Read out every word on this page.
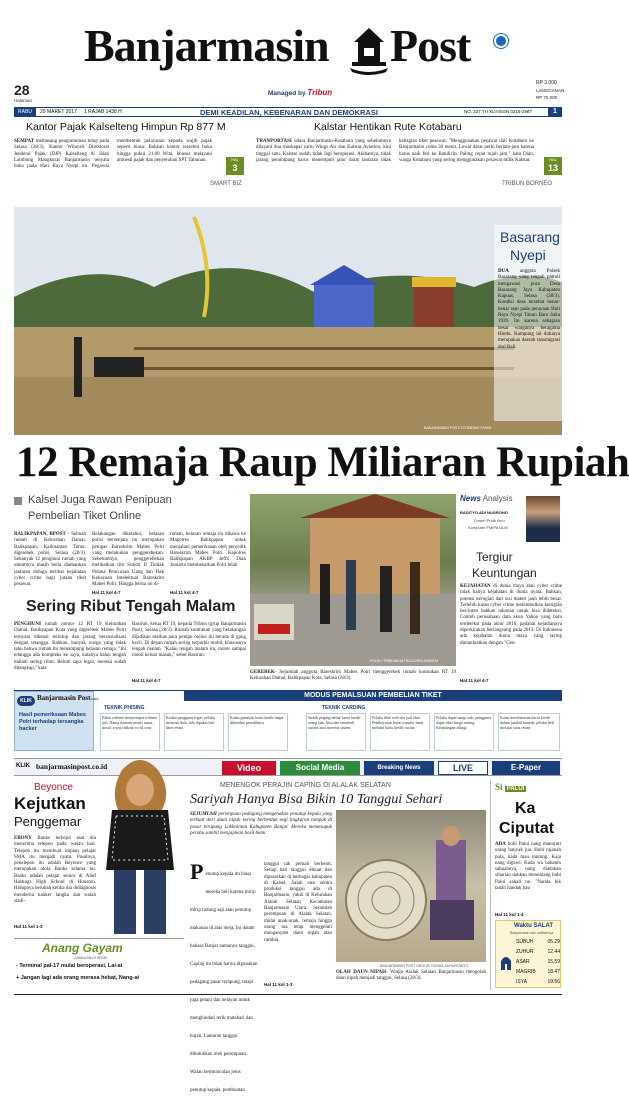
28
Halaman
Banjarmasin Post
Managed by Tribun
RP 3.000
LANGGANAN
RP 75.000
RABU	29 MARET 2017 1 RAJAB 1438 H	DEMI KEADILAN, KEBENARAN DAN DEMOKRASI	NO. 237 TH XLVIISSN 0215-2987	1
Kantor Pajak Kalselteng Himpun Rp 877 M
SEMPAT memasang pengumuman tutup pada Selasa (28/3), Kantor Wilayah Direktorat Jenderal Pajak (DJP) Kalselteng di Jalan Lambung Mangkurat Banjarmasin tenyata buka pada Hari Raya Nyepi itu. Pegawai membentuk pelayanan kepada wajib pajak seperti biasa. Bahkan kantor tersebut buka hingga pukul 21.00 Wita, khusus melayani amnesti pajak dan penyerahan SPT Tahunan.	HAL
3
SMART BIZ
Kalstar Hentikan Rute Kotabaru
TRANPORTASI udara Banjarmasin-Kotabaru yang sebelumnya dilayani dua maskapai yaitu Wings Air dan Kalstar Aviation, kini tinggal satu. Kalstar sudah tidak lagi beroperasi. Akibatnya, tidak jarang penumpang harus menempuh jalur darat lantaran tidak kebagian tiket pesawat. "Menggunakan pesawat dari Kotabaru ke Banjarmasin cuma 30 menit. Lewat darat perlu berjam-jam karena harus naik feri ke Batulicin. Paling cepat tujuh jam," kata Dian, warga Kotabaru yang sering menggunakan pesawat milik Kalstar.	HAL
13
TRIBUN BORNEO
Basarang
Nyepi
DUA anggota Polsek Basarang yang tengah patroli mengawasi pura Desa Basarang Jaya Kabupaten Kapuas, Selasa (28/3). Kondisi desa tersebut benar-benar sepi pada perayaan Hari Raya Nyepi Tahun Baru Saka 1939. Ini karena sebagian besar warganya beragama Hindu. Kampung ini dulunya merupakan daerah tansmigrasi dari Bali.
BANJARMASIN POST/ ISTIMEWA/ FAHMI
12 Remaja Raup Miliaran Rupiah
Kalsel Juga Rawan Penipuan
Pembelian Tiket Online
BALIKPAPAN, BPOST - Sebuah rumah di Kelurahan Damai, Balikpapan, Kalimantan Timur, digerebek polisi, Selasa (28/3). Sebanyak 12 penghuni rumah yang umumnya masih belia diamankan lantaran diduga terlibat kejahatan cyber crime bagi jutaan tiket pesawat.
Belakangan diketahui, belasan polisi bersenjata itu merupakan petugas Bareskrim Mabes Polri yang melakukan penggerebekan. Sebelumnya, penggerebekan melibatkan tim Subdit II Tindak Pidana Pencucian Uang dan Hak Kekayaan Intelektual Bareskrim Mabes Polri. Hingga berita ini di-
Hal 11 kol 4-7
rumah, belasan remaja itu dibawa ke Mapolres Balikpapan untuk menjalani pemeriksaan oleh penyidik Bareskrim Mabes Polri. Kapolres Balikpapan AKBP Jeffri Dian Juniarta membenarkan Polri telah
Hal 11 kol 4-7
Sering Ribut Tengah Malam
PENGHUNI rumah nomor 12 RT 19 Kelurahan Damai, Balikpapan Kota yang digerebek Mabes Polri ternyata dikenal tertutup dan jarang bersosialisasi dengan tetangga. Bahkan, banyak warga yang tidak tahu bahwa rumah itu menampung belasan remaja. "Ini tetangga ada kompleks ke saya, katanya kalau tengah malam sering ribut. Belum saya tegur, mereka sudah ditangkap," kata
Basirun, ketua RT 19, kepada Tribun (grup Banjarmasin Post), Selasa (28/3). Rumah kontrakan yang belakangan dijadikan markas para penipu online itu berada di gang kecil. Di depan rumah sering terparkir mobil, khususnya tengah malam. "Kalau tengah malam itu, motor sampai mobil keluar masuk," sebut Basirun.
Hal 11 kol 4-7
POLRI / TRIBUN/KALTIM.CO/RELAYBATAI
GEREBEK- Sejumlah anggota Bareskrim Mabes Polri menggerebek rumah kontrakan RT 19 Kelurahan Damai, Balikpapan Kota, Selasa (28/3).
News Analysis
RADITYO ADI NUGROHO
Dosen Prodi Ilmu
Komputer FMIPA ULM
Tergiur
Keuntungan
KEJAHATAN di dunia maya atau cyber crime tidak hanya kejahatan di dunia nyata. Bahkan, potensi kerugian dari sisi materi jauh lebih besar. Terlebih kasus cyber crime menimbulkan kerugian ber-lutan bahkan tahunan untuk bisa dideteksi. Contoh perusahaan data akun Yahoo yang baru terdeteksi pada akhir 2016, padahal kejadiannya diperkirakan berlangsung pada 2013. Di Indonesia ada kejahatan dunia maya yang sering dimanfaatkan dengan "Gen-
Hal 11 kol 4-7
MODUS PEMALSUAN PEMBELIAN TIKET
KLIK Banjarmasin Postcom
Hasil pemeriksaan Mabes Polri terhadap tersangka hacker
TEKNIK PHISING	TEKNIK CARDING
Bikin website menyerupai website asli. Nama domain nyaris sama, misal: www.citilink-co-id.com
Ketika pengguna login, pelaku mencuri data, lalu dipakai beli tiket resmi
Kalau gunakan kartu kredit tanpa diketahui pemiliknya
Sudah pegang daftar kartu kredit orang lain, bisa dan membeli sistem atau meretas sistem
Pelaku tiket web site jual tiket. Pembayaran lewat transfer bank melalui kartu kredit curian
Pelaku dapat uang cash, pengguna dapat tiket harga miring. Keuntungan dibagi
Kalau keterbatasan kartu kredit dalam jumlah banyak, pelaku beli melalui situs resmi
KLIK banjarmasinpost.co.id	Video	Social Media	Breaking News	LIVE	E-Paper
Beyonce
Kejutkan
Penggemar
EBONY Banks terkejut saat dia menerima telepon pada waktu hari. Telepon itu membuat impian pelajar SMA itu menjadi nyata. Pasalnya, penelepon itu adalah Beyonce yang merupakan idola Banks selama ini. Banks adalah pelajar senior di Alief Hastings High School di Houston. Hidupnya berubah ketika dia didiagnosis menderita kanker langka dan sudah stadi-
Hal 11 kol 1-3
Anang Gayam
CANDUAN DI SESEI
- Terminal pal-17 mulai beroperasi, Lai-ai
+ Jangan lagi ada orang merasa hebat, Nang-ai
MENENGOK PERAJIN CAPING DI ALALAK SELATAN
Sariyah Hanya Bisa Bikin 10 Tanggui Sehari
SEJUMLAH perempuan pedagang mengenakan penutup kepala yang terbuat dari daun nipah kering berbentuk segi lingkaran tampak di pasar terapung Lokbaintan Kabupaten Banjar. Mereka memesapuk perahu sambil menjajakan hasil bumi.
P enutup kepala itu biasa mereka beli karena mirip mirip tudung saji atau penutup makanan di atas meja. Ini dalam bahasa Banjar namanya tanggui. Caping itu tidak hanya digunakan pedagang pasar terapung, tetapi juga petani dan nelayan untuk menghindari terik matahari dan hujan. Lantaran tanggui dibutuhkan oleh perempuan. Walau bermunculan jenis penutup kepala, pembuatan
tanggui tak pernah berhenti. Setiap hari tanggui dibuat dan dipasarkan di berbagai kabupaten di Kalsel. Salah satu sentra produksi tanggui ada di Banjarmasin, yakni di Kelurahan Alalak Selatan Kecamatan Banjarmasin Utara. Sejumlah perempuan di Alalak Selatan, mulai anak-anak, remaja hingga orang tua tetap menggeluti menganyam daun nipah atau rumbia
Hal 11 kol 1-3
BANJARMASIN POST GROUP/ DONNA SUHARTANTO
OLAH DAUN NIPAH- Warga Alalak Selatan Banjarmasin mengolah daun nipah menjadi tanggui, Selasa (28/3).
Si PALUI
Ka
Ciputat
ADA hobi Palui nang manuruti urang banyak jua. Hubi rajanah pula, kada mau tuntung. Kaja nang digawi. Kada wa babanin sahuahnya, nang diadakan siharian dahkan menuntang hubi Palui sakali ne. "Nanda bik tanah handak bau
Hal 11 kol 1-4
Waktu SALAT
Banjarmasin dan sekitarnya
SUBUH	05.29
ZUHUR	12.44
ASAR	15.59
MAGRIB 18.47
ISYA	19.56
